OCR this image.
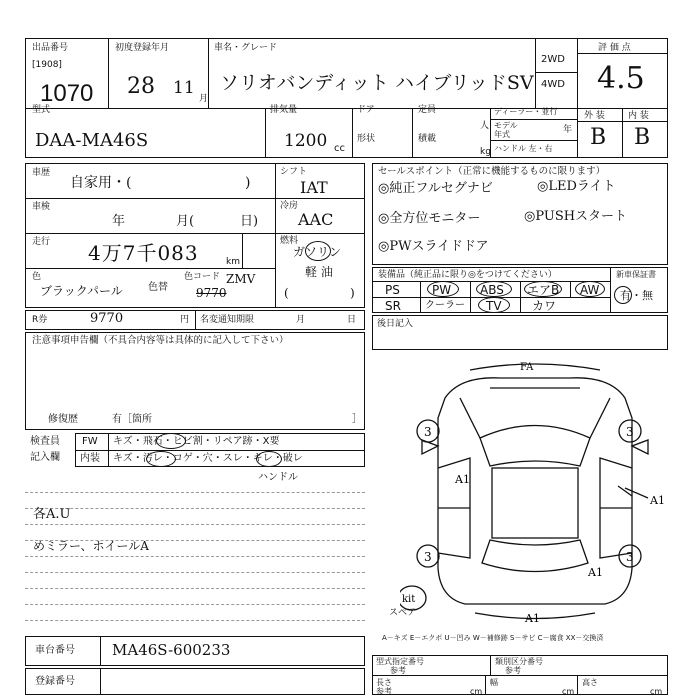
出品番号
[1908]
1070
初度登録年月
28 11
月
車名・グレード
ソリオバンディット ハイブリッドSV
2WD
4WD
評 価 点
4.5
型式
DAA-MA46S
排気量
1200 cc
ドア
形状
定員
人
積載
kg
ディーラー・並行
モデル
年式	年
ハンドル 左・右
外 装	内 装
B B
車歴
自家用・(	)
車検
年	月(	日)
走行 4万7千083	km
色
ブラックパール	色替
色コード ZMV
9770
シフト
IAT
冷房
AAC
燃料
ガソリン
軽 油
(	)
R券	9770	円 名変通知期限	月	日
セールスポイント（正常に機能するものに限ります）
◎純正フルセグナビ	◎LEDライト
◎全方位モニター	◎PUSHスタート
◎PWスライドドア
装備品（純正品に限り◎をつけてください）	新車保証書
有・無
PS	PW ABS エアB AW
SR クーラー TV	カワ
注意事項申告欄（不具合内容等は具体的に記入して下さい）
修復歴	有［箇所	］
後日記入
検査員
記入欄
FW キズ・飛石・ヒビ割・リペア跡・X要
内装 キズ・汚レ・コゲ・穴・スレ・キレ・破レ
ハンドル
各A.U
めミラー、ホイールA
FA
3	3
3	3
A1
A1
A1
A1
kit
スペア
A－キズ E－エクボ U－凹み W－補修跡 S－サビ C－腐食 XX－交換済
車台番号 MA46S-600233
登録番号
型式指定番号
参考
類別区分番号
参考
長さ
参考	cm
幅
cm
高さ
cm
